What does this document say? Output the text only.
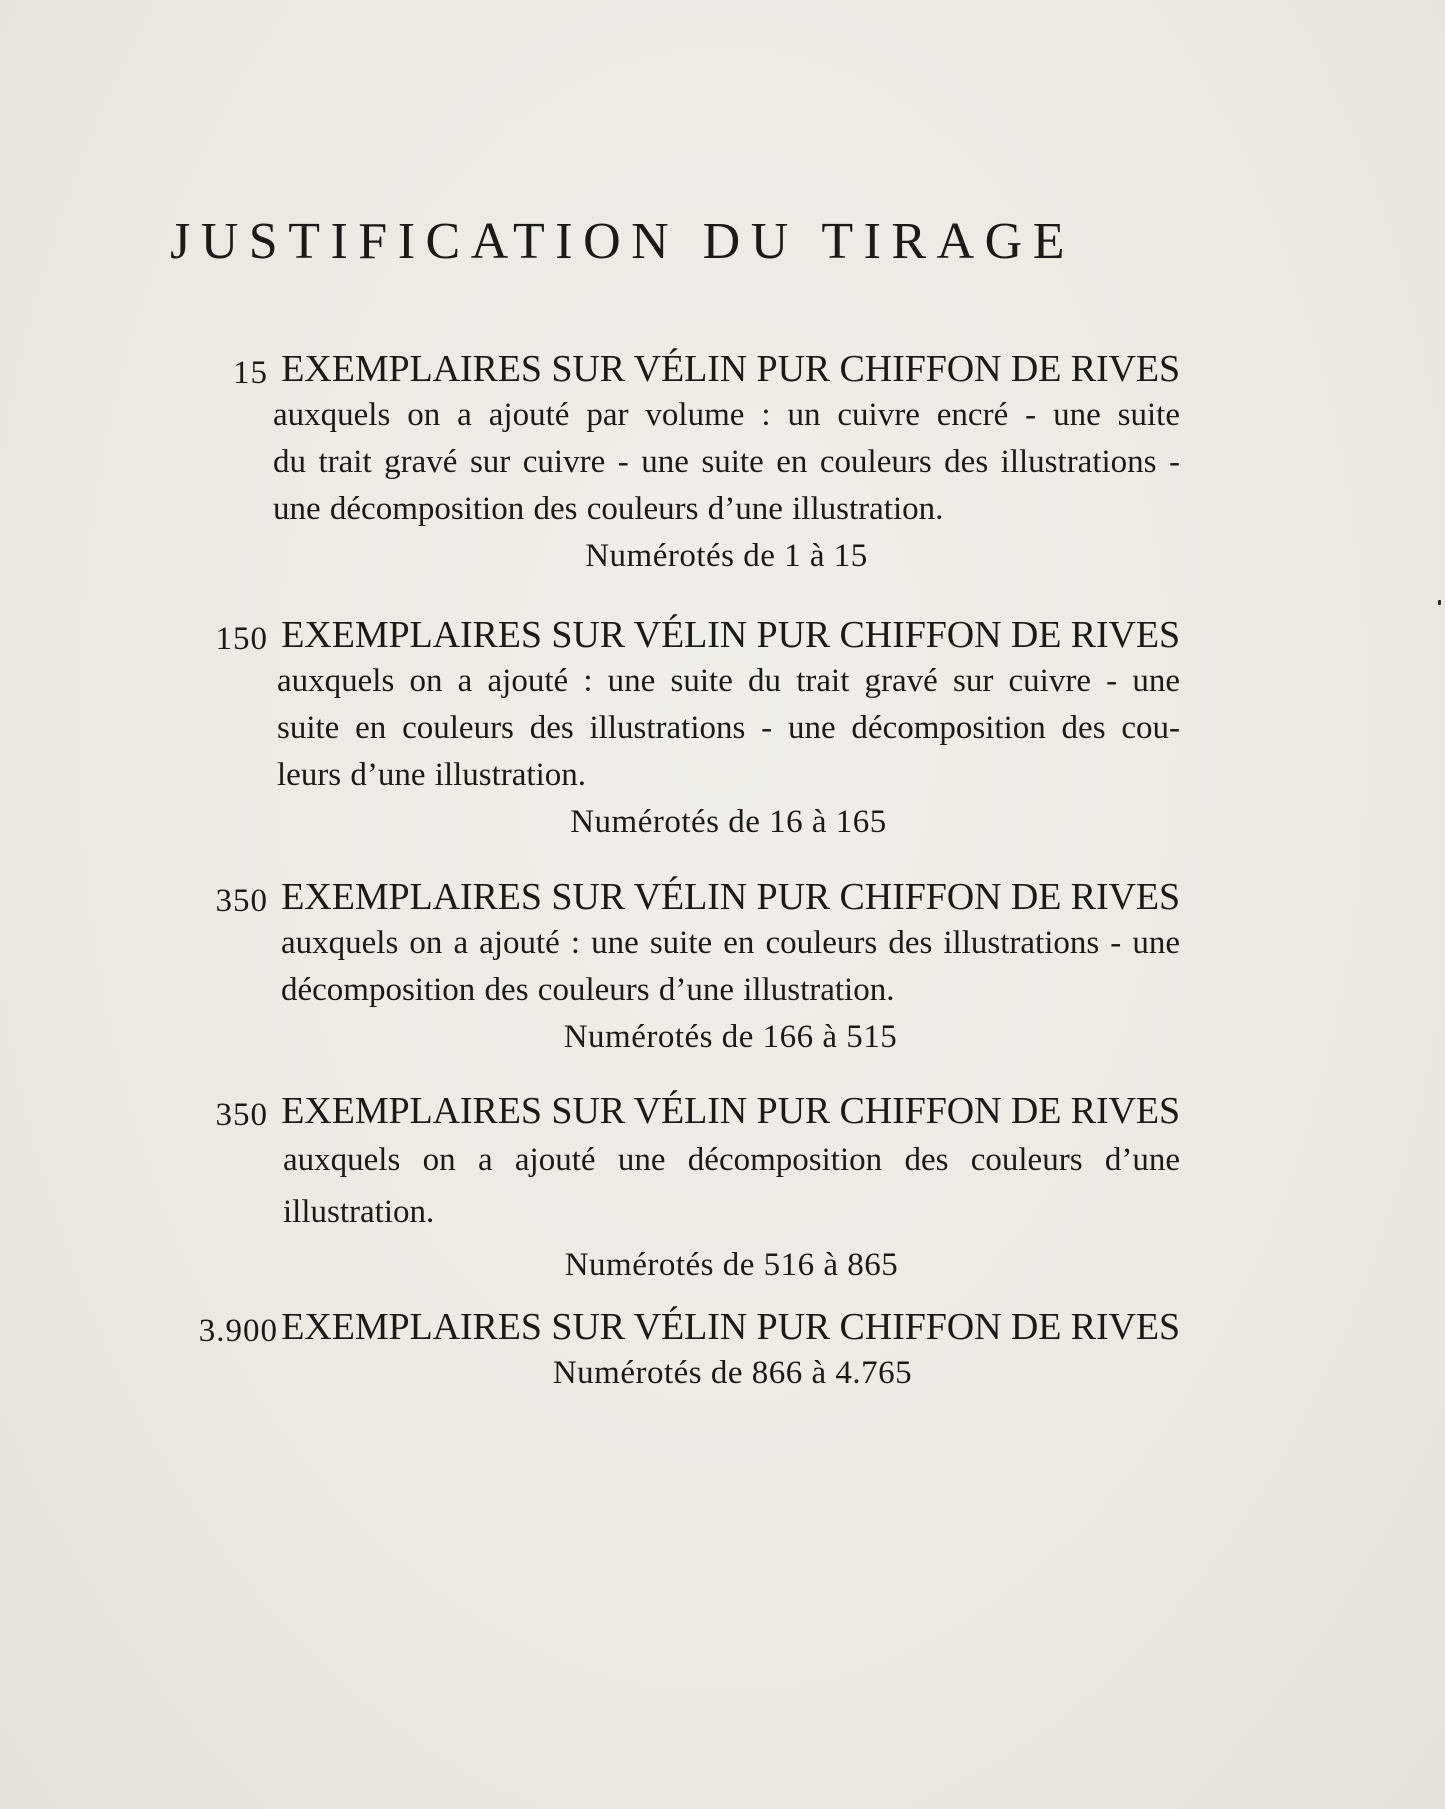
JUSTIFICATION DU TIRAGE
15 EXEMPLAIRES SUR VÉLIN PUR CHIFFON DE RIVES
auxquels on a ajouté par volume : un cuivre encré - une suite
du trait gravé sur cuivre - une suite en couleurs des illustrations -
une décomposition des couleurs d’une illustration.
Numérotés de 1 à 15
150 EXEMPLAIRES SUR VÉLIN PUR CHIFFON DE RIVES
auxquels on a ajouté : une suite du trait gravé sur cuivre - une
suite en couleurs des illustrations - une décomposition des cou-
leurs d’une illustration.
Numérotés de 16 à 165
350 EXEMPLAIRES SUR VÉLIN PUR CHIFFON DE RIVES
auxquels on a ajouté : une suite en couleurs des illustrations - une
décomposition des couleurs d’une illustration.
Numérotés de 166 à 515
350 EXEMPLAIRES SUR VÉLIN PUR CHIFFON DE RIVES
auxquels on a ajouté une décomposition des couleurs d’une
illustration.
Numérotés de 516 à 865
3.900 EXEMPLAIRES SUR VÉLIN PUR CHIFFON DE RIVES
Numérotés de 866 à 4.765
